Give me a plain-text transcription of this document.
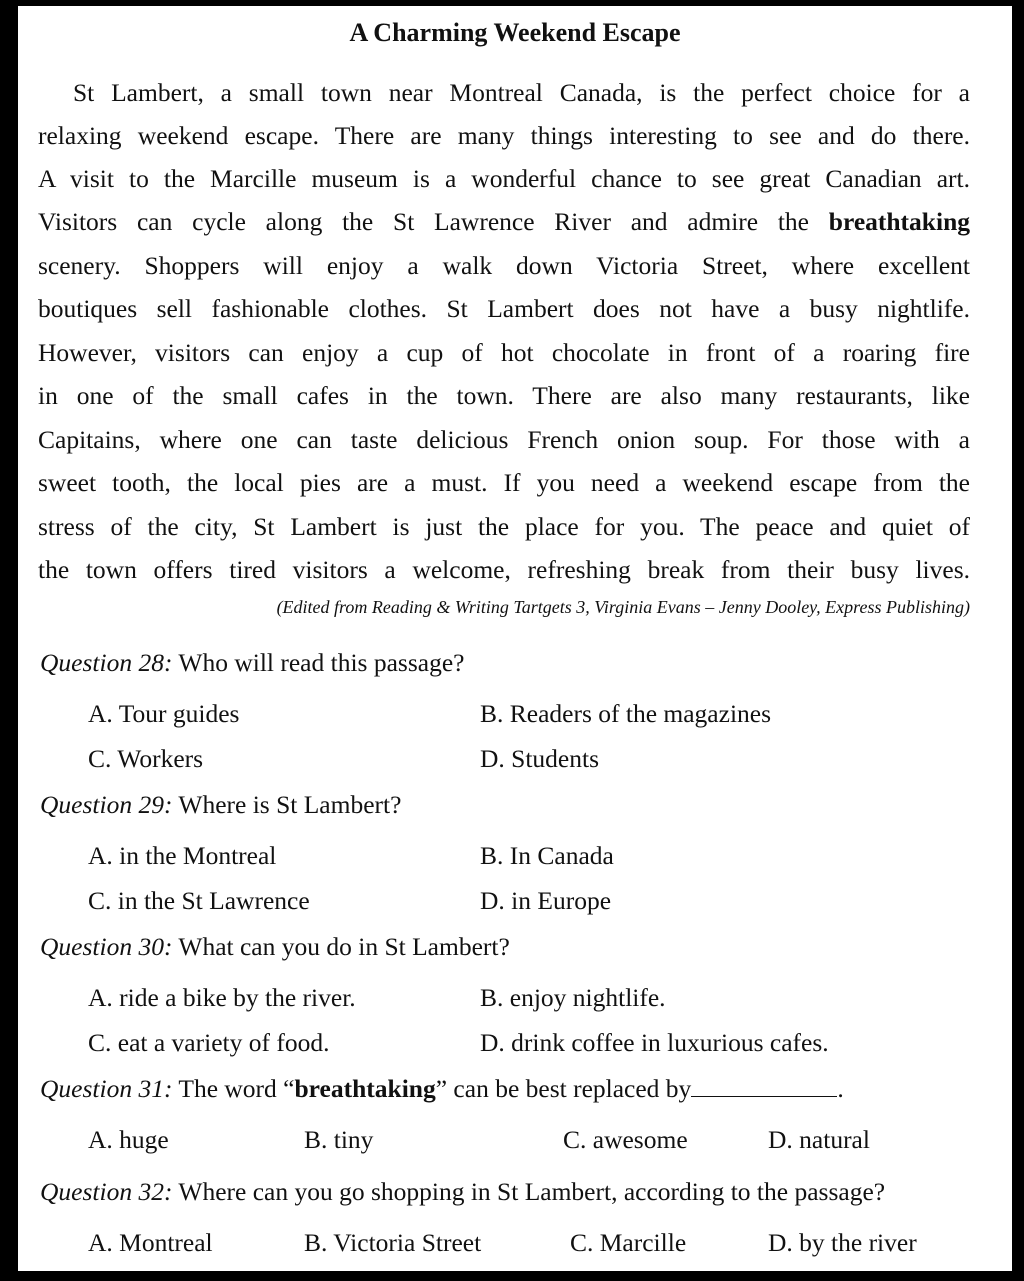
A Charming Weekend Escape
St Lambert, a small town near Montreal Canada, is the perfect choice for a
relaxing weekend escape. There are many things interesting to see and do there.
A visit to the Marcille museum is a wonderful chance to see great Canadian art.
Visitors can cycle along the St Lawrence River and admire the breathtaking
scenery. Shoppers will enjoy a walk down Victoria Street, where excellent
boutiques sell fashionable clothes. St Lambert does not have a busy nightlife.
However, visitors can enjoy a cup of hot chocolate in front of a roaring fire
in one of the small cafes in the town. There are also many restaurants, like
Capitains, where one can taste delicious French onion soup. For those with a
sweet tooth, the local pies are a must. If you need a weekend escape from the
stress of the city, St Lambert is just the place for you. The peace and quiet of
the town offers tired visitors a welcome, refreshing break from their busy lives.
(Edited from Reading & Writing Tartgets 3, Virginia Evans – Jenny Dooley, Express Publishing)
Question 28: Who will read this passage?
A. Tour guides	B. Readers of the magazines
C. Workers	D. Students
Question 29: Where is St Lambert?
A. in the Montreal	B. In Canada
C. in the St Lawrence	D. in Europe
Question 30: What can you do in St Lambert?
A. ride a bike by the river.	B. enjoy nightlife.
C. eat a variety of food.	D. drink coffee in luxurious cafes.
Question 31: The word “breathtaking” can be best replaced by	.
A. huge	B. tiny	C. awesome	D. natural
Question 32: Where can you go shopping in St Lambert, according to the passage?
A. Montreal	B. Victoria Street	C. Marcille	D. by the river
